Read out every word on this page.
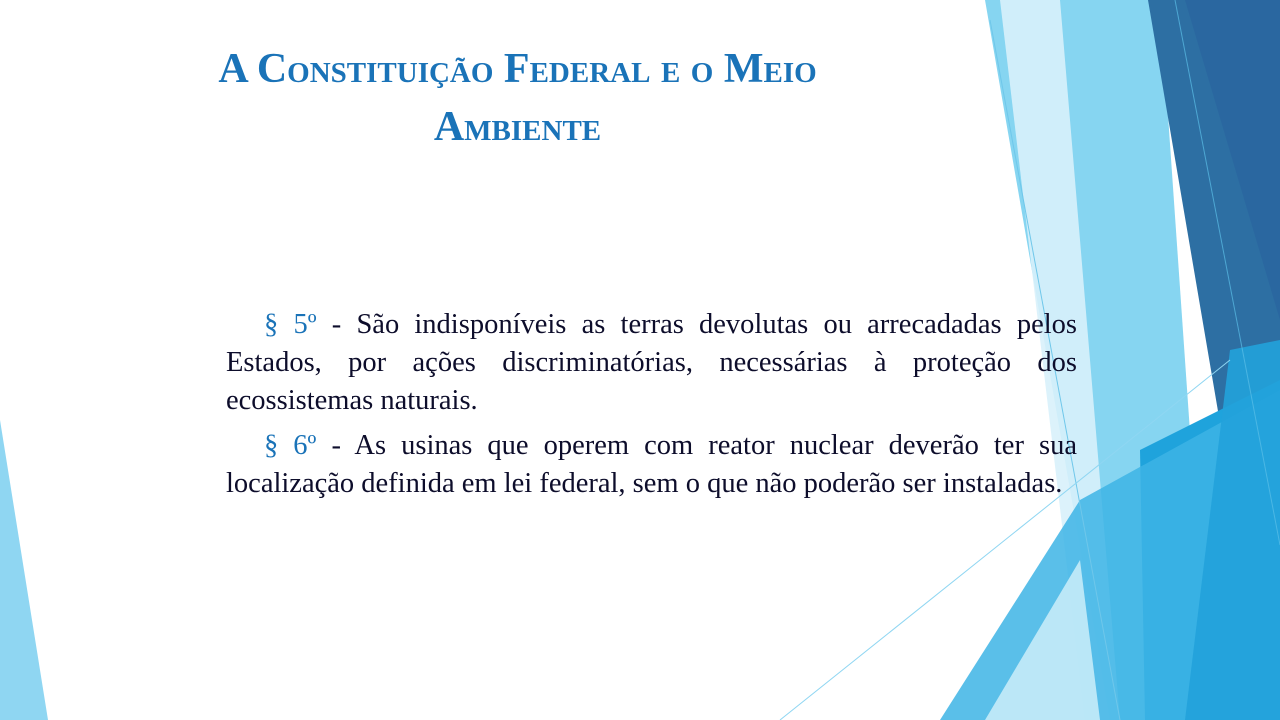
A Constituição Federal e o Meio
Ambiente

§ 5º - São indisponíveis as terras devolutas ou arrecadadas pelos Estados, por ações discriminatórias, necessárias à proteção dos ecossistemas naturais.

§ 6º - As usinas que operem com reator nuclear deverão ter sua localização definida em lei federal, sem o que não poderão ser instaladas.
